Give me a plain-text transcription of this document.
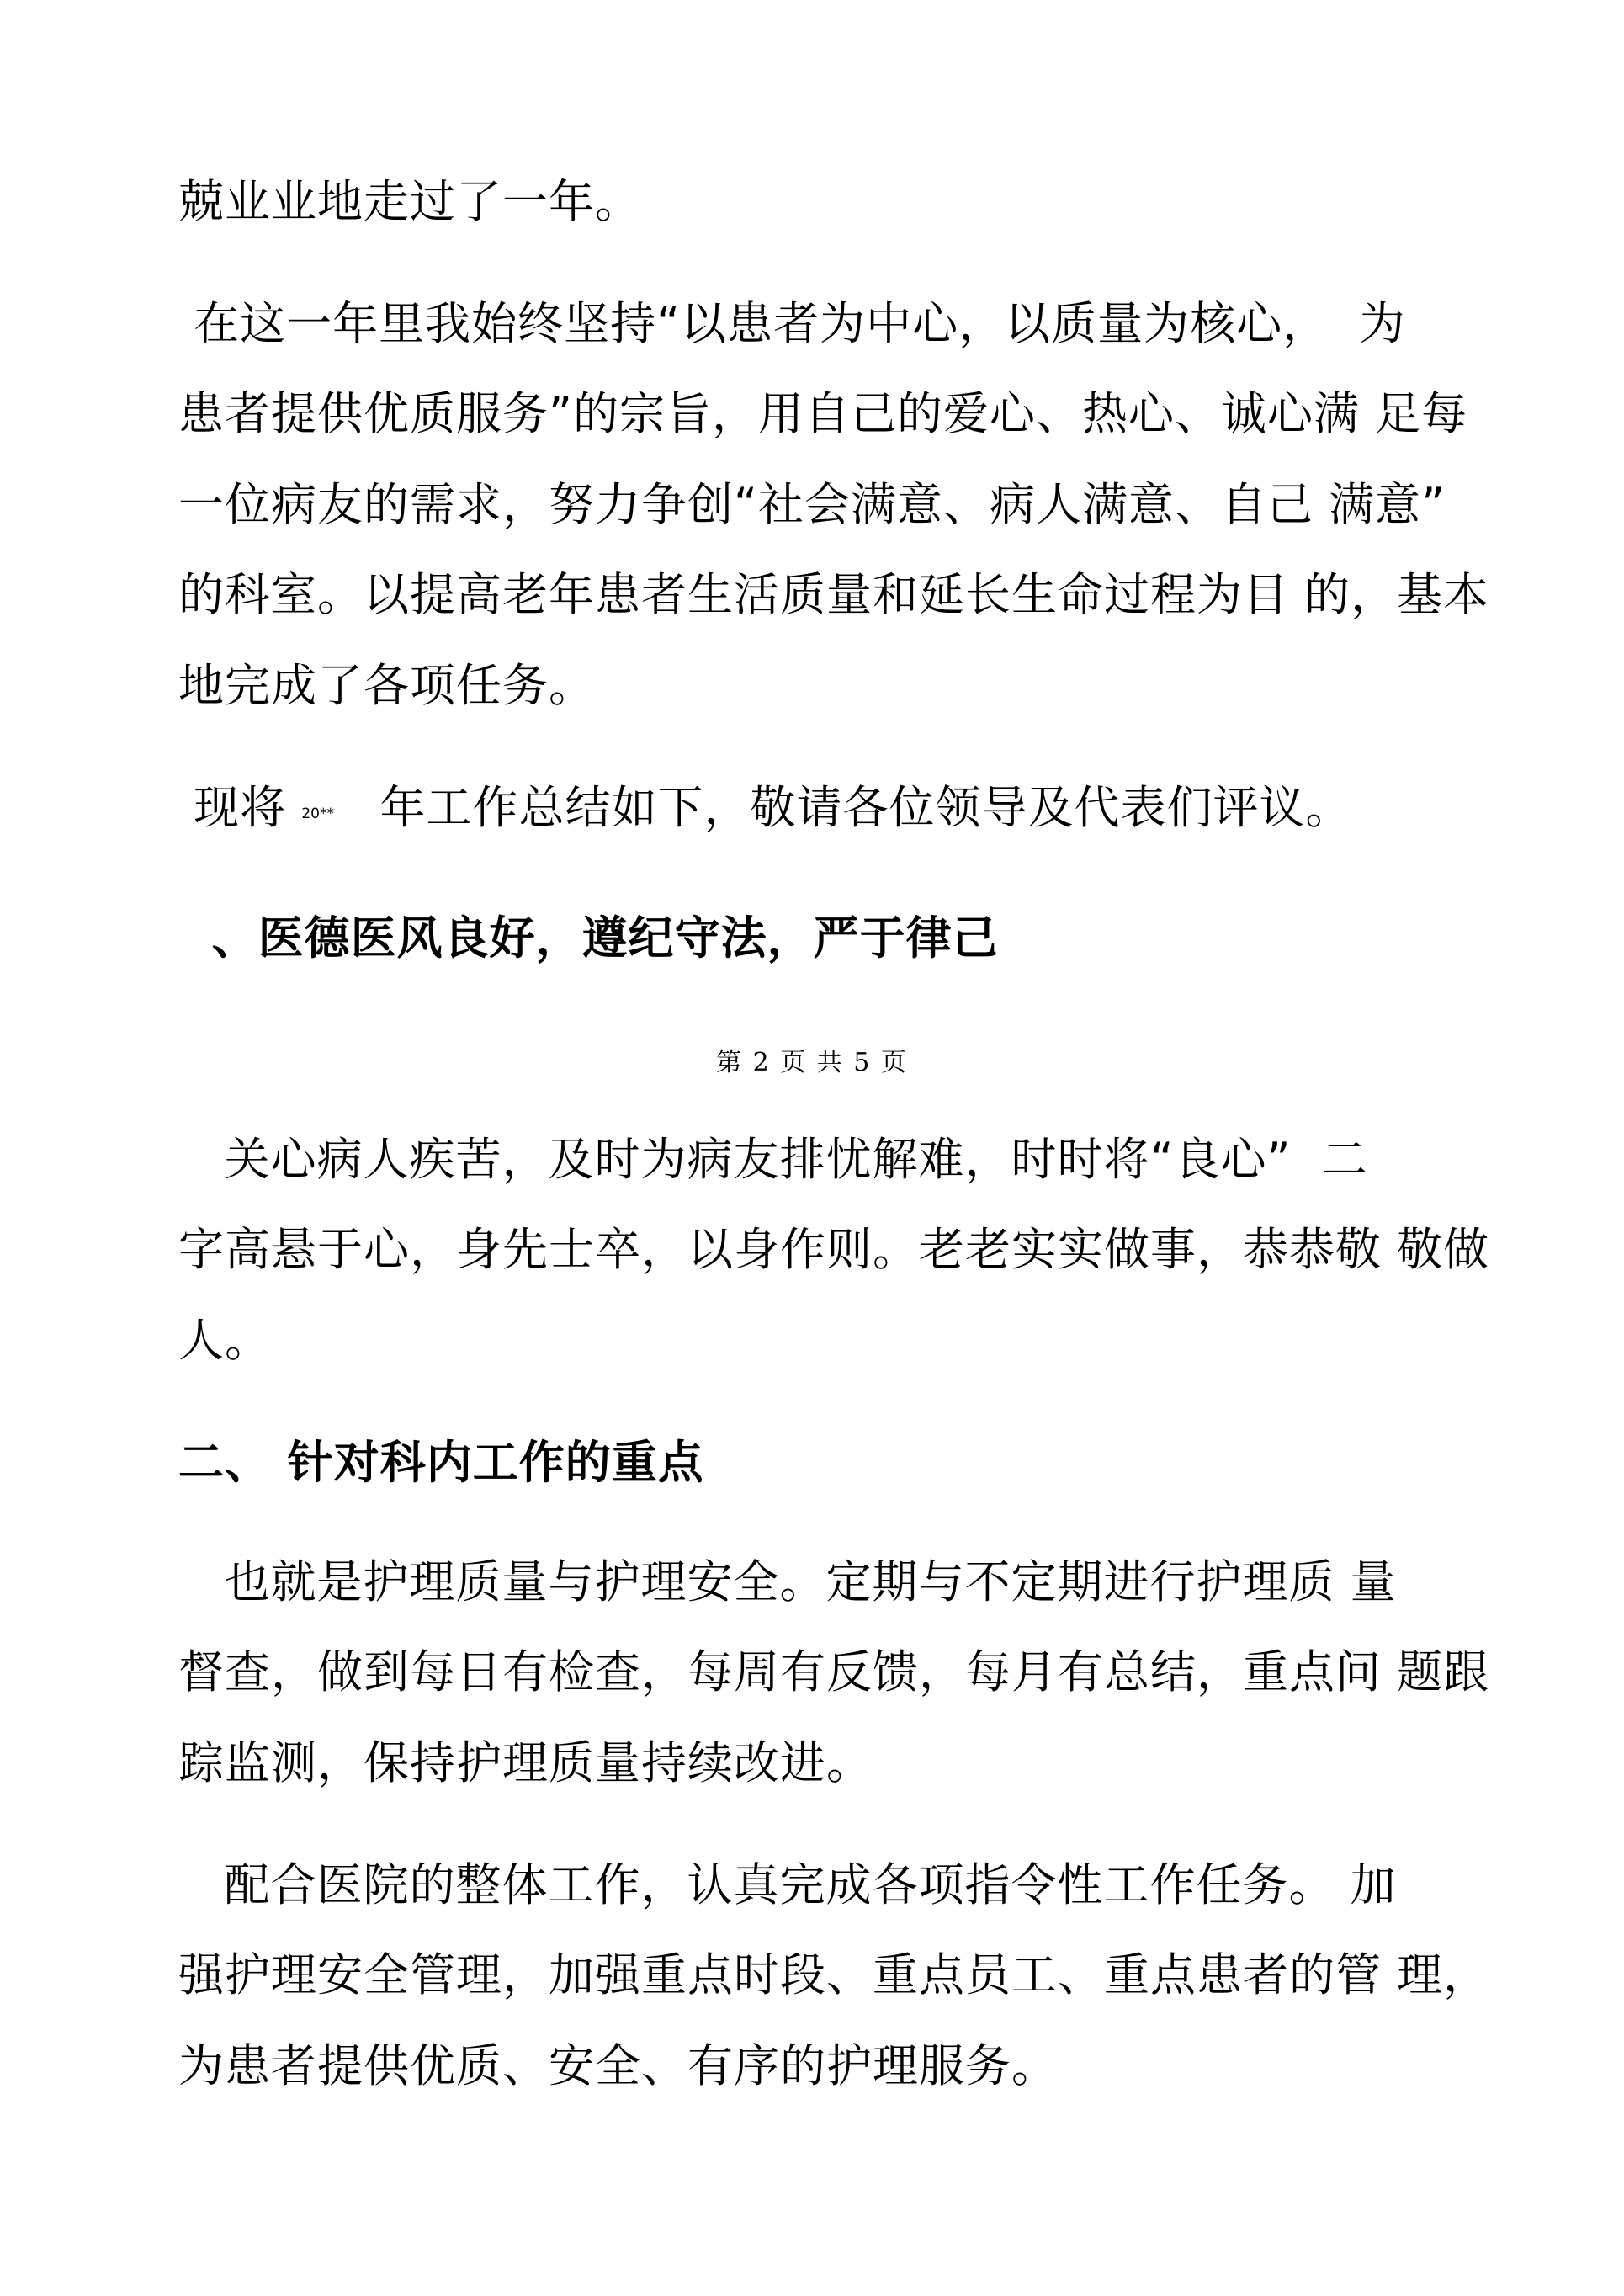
兢业业地走过了一年。
在这一年里我始终坚持“以患者为中心，以质量为核心，  为
患者提供优质服务”的宗旨，用自己的爱心、热心、诚心满 足每
一位病友的需求，努力争创“社会满意、病人满意、自己 满意”
的科室。以提高老年患者生活质量和延长生命过程为目 的，基本
地完成了各项任务。
现将 20**   年工作总结如下，敬请各位领导及代表们评议。
、医德医风良好，遵纪守法，严于律己
第 2 页 共 5 页
关心病人疾苦，及时为病友排忧解难，时时将“良心”  二
字高悬于心，身先士卒，以身作则。老老实实做事，恭恭敬 敬做
人。
二、 针对科内工作的重点
也就是护理质量与护理安全。定期与不定期进行护理质 量
督查，做到每日有检查，每周有反馈，每月有总结，重点问 题跟
踪监测，保持护理质量持续改进。
配合医院的整体工作，认真完成各项指令性工作任务。 加
强护理安全管理，加强重点时段、重点员工、重点患者的管 理，
为患者提供优质、安全、有序的护理服务。
